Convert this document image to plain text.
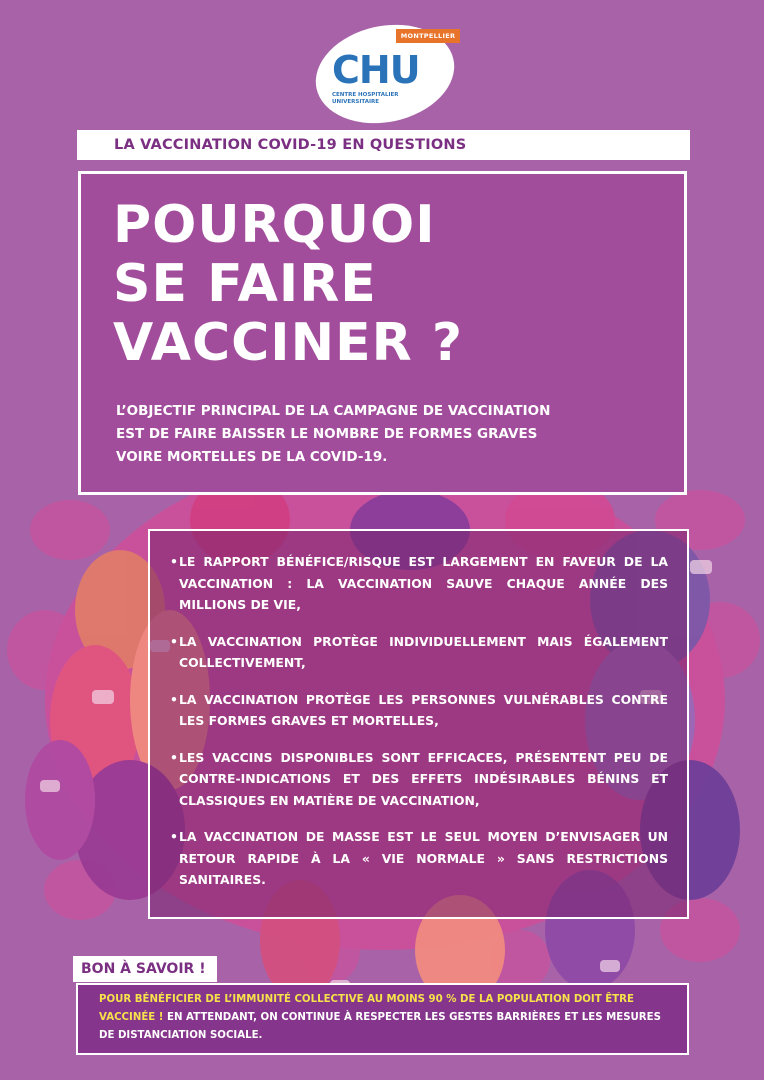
MONTPELLIER
CHU
CENTRE HOSPITALIER
UNIVERSITAIRE
LA VACCINATION COVID-19 EN QUESTIONS
POURQUOI
SE FAIRE
VACCINER ?
L’OBJECTIF PRINCIPAL DE LA CAMPAGNE DE VACCINATION
EST DE FAIRE BAISSER LE NOMBRE DE FORMES GRAVES
VOIRE MORTELLES DE LA COVID-19.
• LE RAPPORT BÉNÉFICE/RISQUE EST LARGEMENT EN FAVEUR DE LA VACCINATION : LA VACCINATION SAUVE CHAQUE ANNÉE DES MILLIONS DE VIE,
• LA VACCINATION PROTÈGE INDIVIDUELLEMENT MAIS ÉGALEMENT COLLECTIVEMENT,
• LA VACCINATION PROTÈGE LES PERSONNES VULNÉRABLES CONTRE LES FORMES GRAVES ET MORTELLES,
• LES VACCINS DISPONIBLES SONT EFFICACES, PRÉSENTENT PEU DE CONTRE-INDICATIONS ET DES EFFETS INDÉSIRABLES BÉNINS ET CLASSIQUES EN MATIÈRE DE VACCINATION,
• LA VACCINATION DE MASSE EST LE SEUL MOYEN D’ENVISAGER UN RETOUR RAPIDE À LA « VIE NORMALE » SANS RESTRICTIONS SANITAIRES.
BON À SAVOIR !

POUR BÉNÉFICIER DE L’IMMUNITÉ COLLECTIVE AU MOINS 90 % DE LA POPULATION DOIT ÊTRE VACCINÉE ! EN ATTENDANT, ON CONTINUE À RESPECTER LES GESTES BARRIÈRES ET LES MESURES DE DISTANCIATION SOCIALE.
